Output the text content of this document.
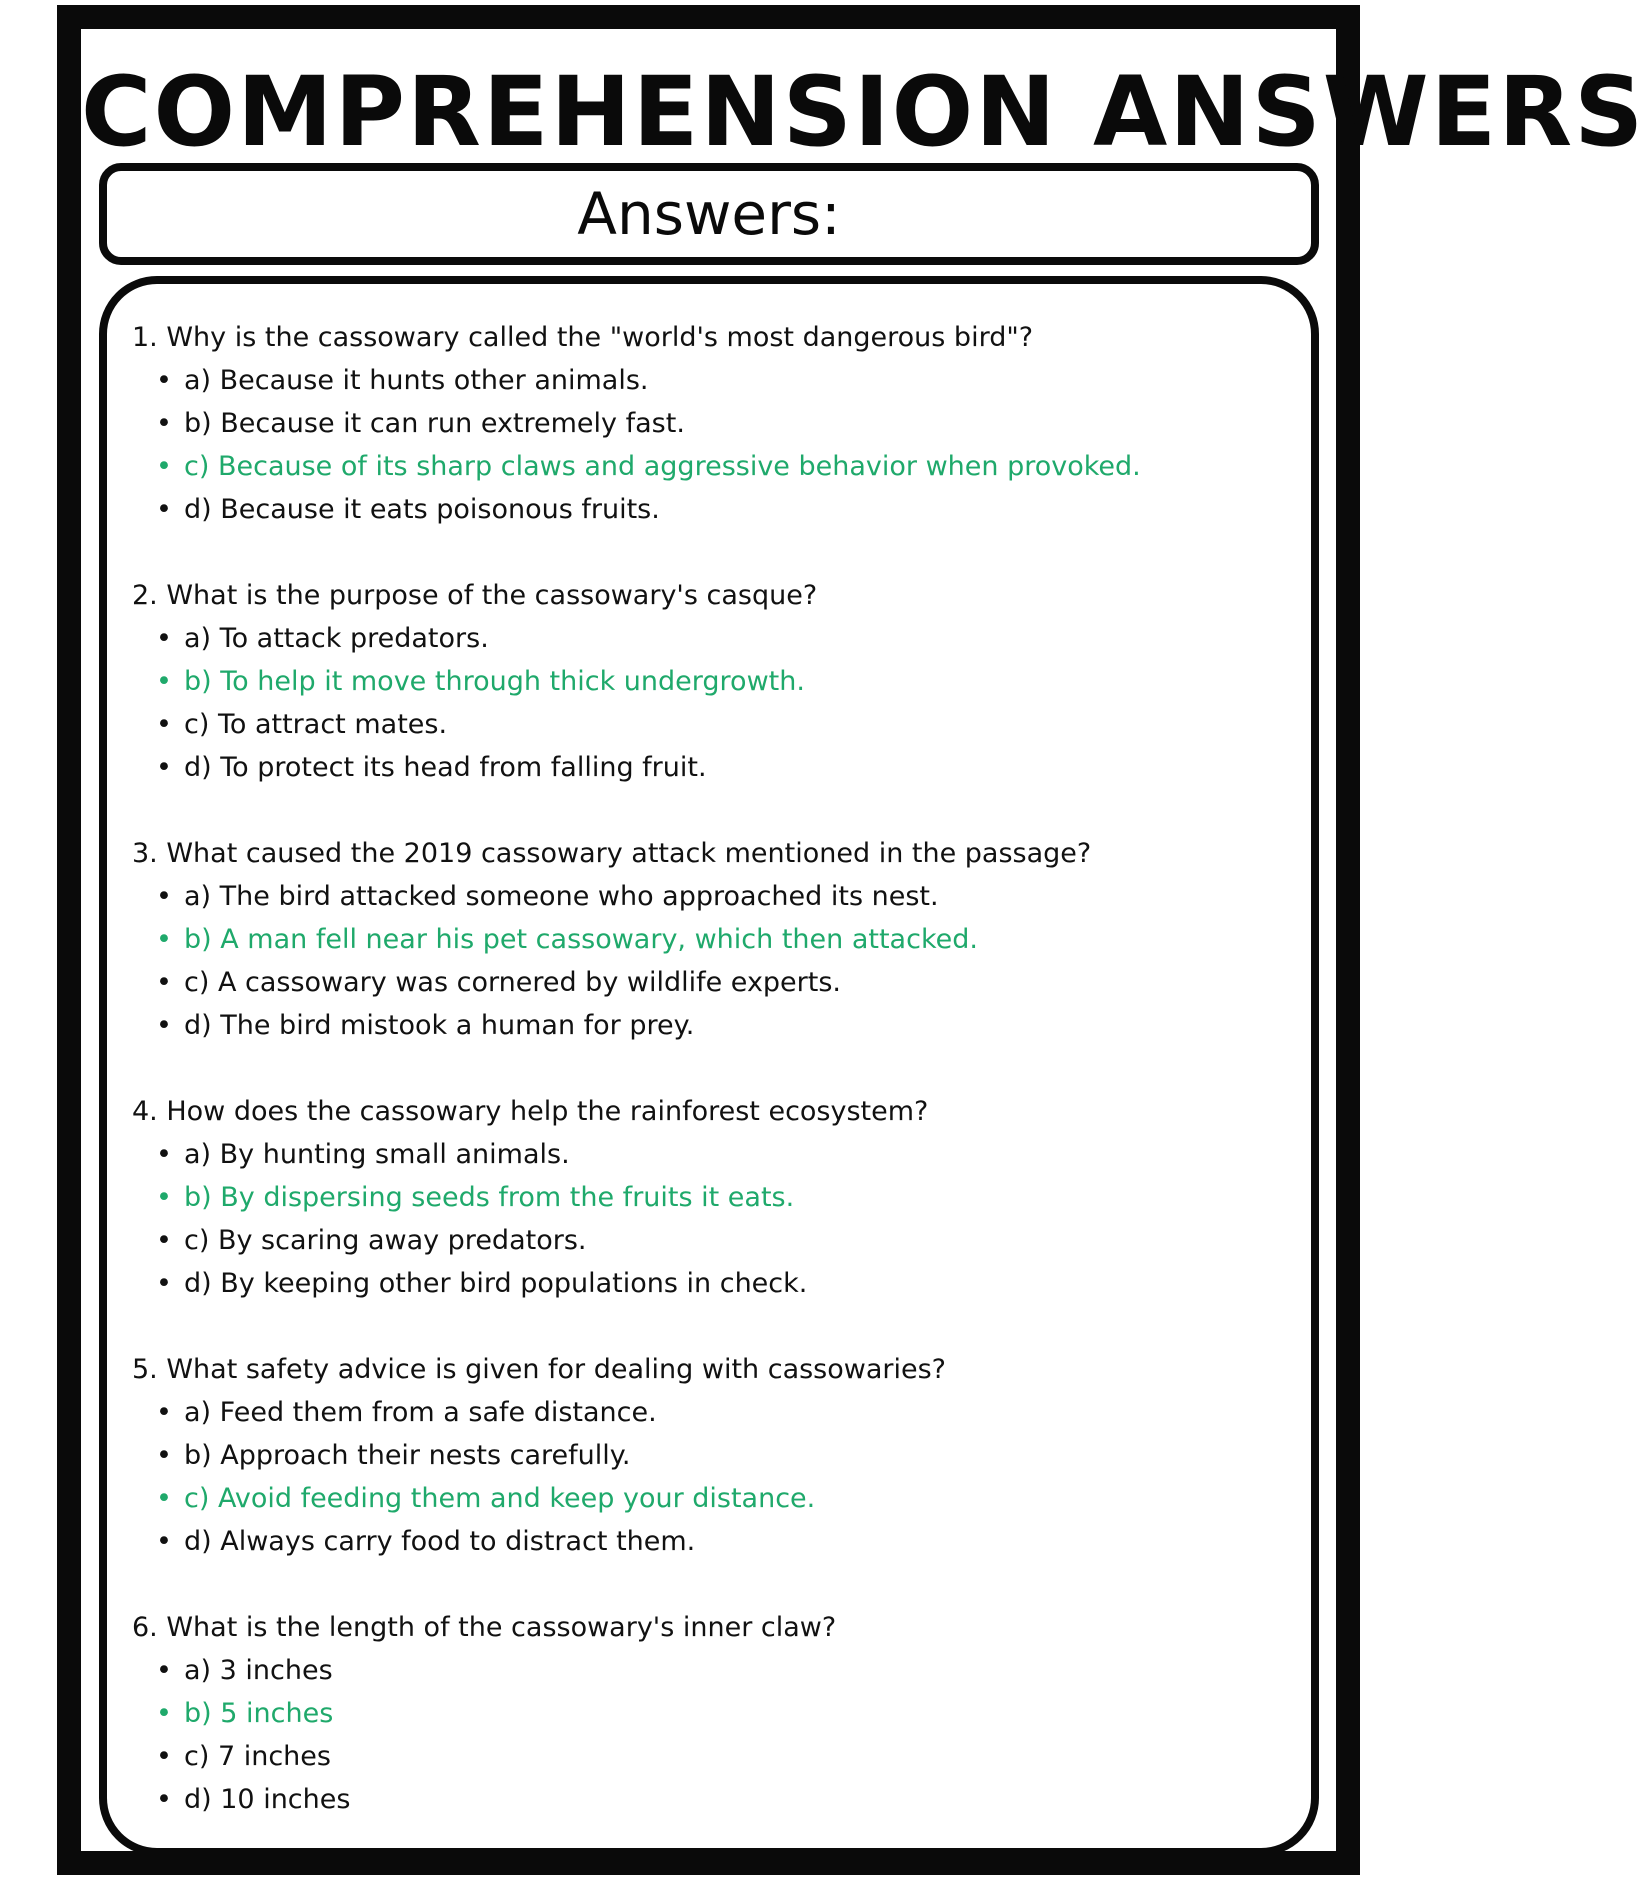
COMPREHENSION ANSWERS
Answers:
1. Why is the cassowary called the "world's most dangerous bird"?
• a) Because it hunts other animals.
• b) Because it can run extremely fast.
• c) Because of its sharp claws and aggressive behavior when provoked.
• d) Because it eats poisonous fruits.
2. What is the purpose of the cassowary's casque?
• a) To attack predators.
• b) To help it move through thick undergrowth.
• c) To attract mates.
• d) To protect its head from falling fruit.
3. What caused the 2019 cassowary attack mentioned in the passage?
• a) The bird attacked someone who approached its nest.
• b) A man fell near his pet cassowary, which then attacked.
• c) A cassowary was cornered by wildlife experts.
• d) The bird mistook a human for prey.
4. How does the cassowary help the rainforest ecosystem?
• a) By hunting small animals.
• b) By dispersing seeds from the fruits it eats.
• c) By scaring away predators.
• d) By keeping other bird populations in check.
5. What safety advice is given for dealing with cassowaries?
• a) Feed them from a safe distance.
• b) Approach their nests carefully.
• c) Avoid feeding them and keep your distance.
• d) Always carry food to distract them.
6. What is the length of the cassowary's inner claw?
• a) 3 inches
• b) 5 inches
• c) 7 inches
• d) 10 inches
